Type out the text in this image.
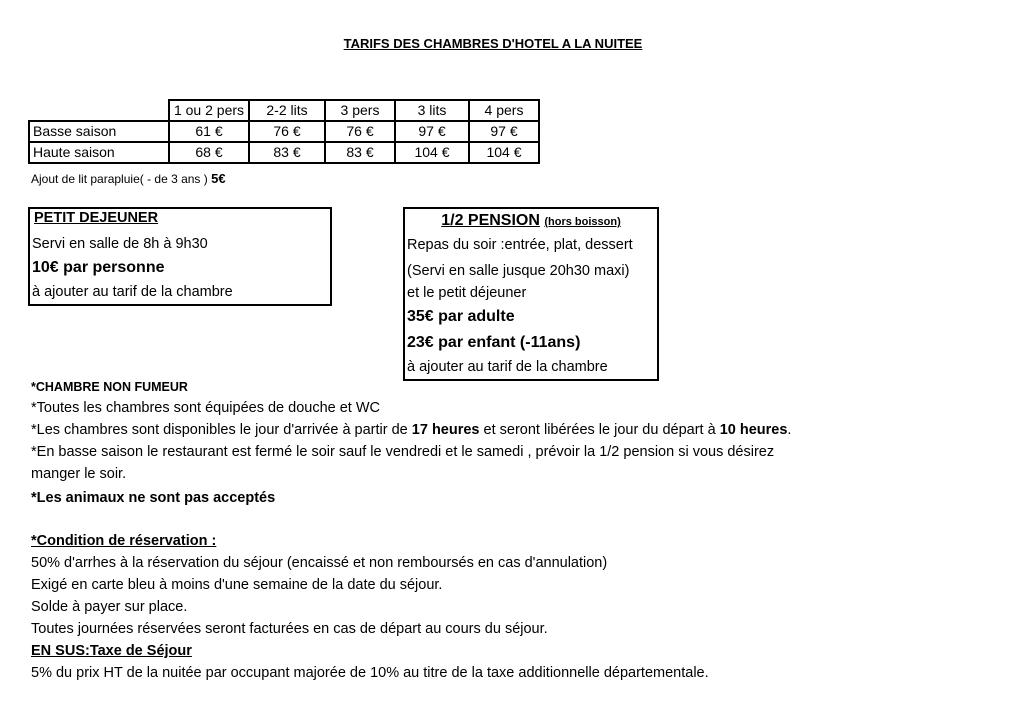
TARIFS DES CHAMBRES D'HOTEL A LA NUITEE
	1 ou 2 pers	2-2 lits	3 pers	3 lits	4 pers
Basse saison	61 €	76 €	76 €	97 €	97 €
Haute saison	68 €	83 €	83 €	104 €	104 €
Ajout de lit parapluie( - de 3 ans ) 5€
PETIT DEJEUNER
Servi en salle de 8h à 9h30
10€ par personne
à ajouter au tarif de la chambre
1/2 PENSION (hors boisson)
Repas du soir :entrée, plat, dessert
(Servi en salle jusque 20h30 maxi)
et le petit déjeuner
35€ par adulte
23€ par enfant (-11ans)
à ajouter au tarif de la chambre
*CHAMBRE NON FUMEUR
*Toutes les chambres sont équipées de douche et WC
*Les chambres sont disponibles le jour d'arrivée à partir de 17 heures et seront libérées le jour du départ à 10 heures.
*En basse saison le restaurant est fermé le soir sauf le vendredi et le samedi , prévoir la 1/2 pension si vous désirez
manger le soir.
*Les animaux ne sont pas acceptés
*Condition de réservation :
50% d'arrhes à la réservation du séjour (encaissé et non remboursés en cas d'annulation)
Exigé en carte bleu à moins d'une semaine de la date du séjour.
Solde à payer sur place.
Toutes journées réservées seront facturées en cas de départ au cours du séjour.
EN SUS:Taxe de Séjour
5% du prix HT de la nuitée par occupant majorée de 10% au titre de la taxe additionnelle départementale.
